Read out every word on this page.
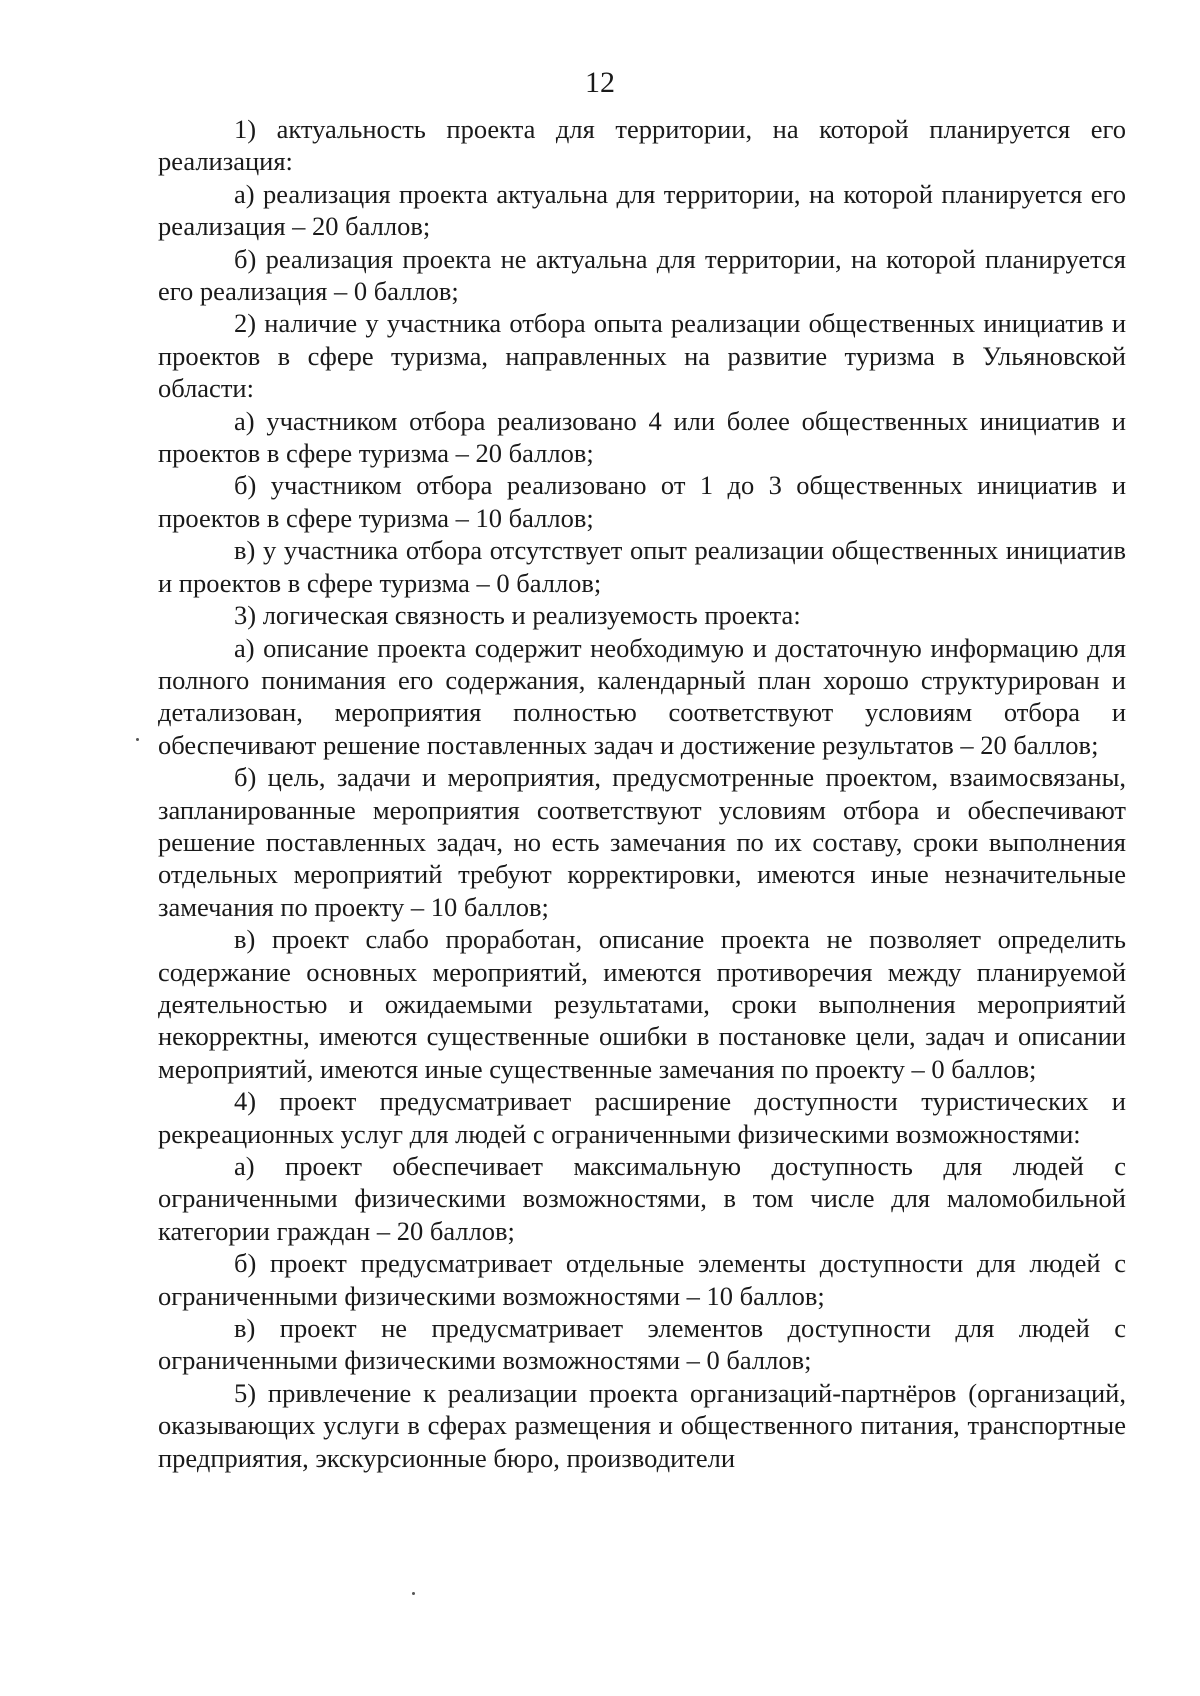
12

1) актуальность проекта для территории, на которой планируется его реализация:

а) реализация проекта актуальна для территории, на которой планируется его реализация – 20 баллов;

б) реализация проекта не актуальна для территории, на которой планируется его реализация – 0 баллов;

2) наличие у участника отбора опыта реализации общественных инициатив и проектов в сфере туризма, направленных на развитие туризма в Ульяновской области:

а) участником отбора реализовано 4 или более общественных инициатив и проектов в сфере туризма – 20 баллов;

б) участником отбора реализовано от 1 до 3 общественных инициатив и проектов в сфере туризма – 10 баллов;

в) у участника отбора отсутствует опыт реализации общественных инициатив и проектов в сфере туризма – 0 баллов;

3) логическая связность и реализуемость проекта:

а) описание проекта содержит необходимую и достаточную информацию для полного понимания его содержания, календарный план хорошо структурирован и детализован, мероприятия полностью соответствуют условиям отбора и обеспечивают решение поставленных задач и достижение результатов – 20 баллов;

б) цель, задачи и мероприятия, предусмотренные проектом, взаимосвязаны, запланированные мероприятия соответствуют условиям отбора и обеспечивают решение поставленных задач, но есть замечания по их составу, сроки выполнения отдельных мероприятий требуют корректировки, имеются иные незначительные замечания по проекту – 10 баллов;

в) проект слабо проработан, описание проекта не позволяет определить содержание основных мероприятий, имеются противоречия между планируемой деятельностью и ожидаемыми результатами, сроки выполнения мероприятий некорректны, имеются существенные ошибки в постановке цели, задач и описании мероприятий, имеются иные существенные замечания по проекту – 0 баллов;

4) проект предусматривает расширение доступности туристических и рекреационных услуг для людей с ограниченными физическими возможностями:

а) проект обеспечивает максимальную доступность для людей с ограниченными физическими возможностями, в том числе для маломобильной категории граждан – 20 баллов;

б) проект предусматривает отдельные элементы доступности для людей с ограниченными физическими возможностями – 10 баллов;

в) проект не предусматривает элементов доступности для людей с ограниченными физическими возможностями – 0 баллов;

5) привлечение к реализации проекта организаций-партнёров (организаций, оказывающих услуги в сферах размещения и общественного питания, транспортные предприятия, экскурсионные бюро, производители
